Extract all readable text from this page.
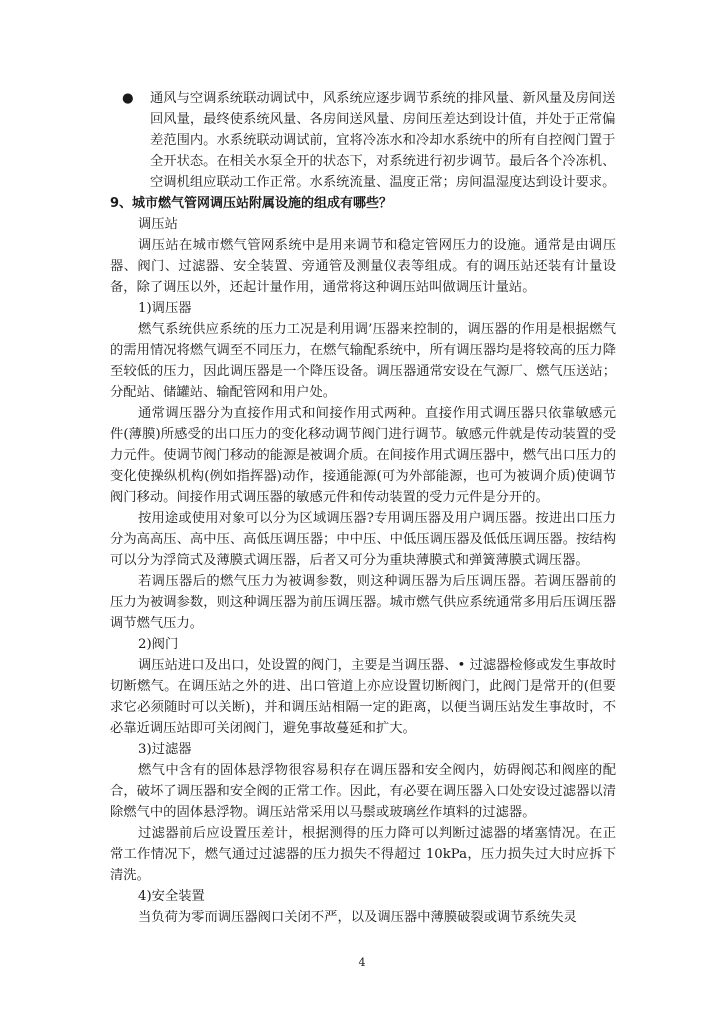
● 通风与空调系统联动调试中，风系统应逐步调节系统的排风量、新风量及房间送回风量，最终使系统风量、各房间送风量、房间压差达到设计值，并处于正常偏差范围内。水系统联动调试前，宜将冷冻水和冷却水系统中的所有自控阀门置于全开状态。在相关水泵全开的状态下，对系统进行初步调节。最后各个冷冻机、空调机组应联动工作正常。水系统流量、温度正常；房间温湿度达到设计要求。

9、城市燃气管网调压站附属设施的组成有哪些？

调压站

调压站在城市燃气管网系统中是用来调节和稳定管网压力的设施。通常是由调压器、阀门、过滤器、安全装置、旁通管及测量仪表等组成。有的调压站还装有计量设备，除了调压以外，还起计量作用，通常将这种调压站叫做调压计量站。

1)调压器

燃气系统供应系统的压力工况是利用调’压器来控制的，调压器的作用是根据燃气的需用情况将燃气调至不同压力，在燃气输配系统中，所有调压器均是将较高的压力降至较低的压力，因此调压器是一个降压设备。调压器通常安设在气源厂、燃气压送站；分配站、储罐站、输配管网和用户处。

通常调压器分为直接作用式和间接作用式两种。直接作用式调压器只依靠敏感元件(薄膜)所感受的出口压力的变化移动调节阀门进行调节。敏感元件就是传动装置的受力元件。使调节阀门移动的能源是被调介质。在间接作用式调压器中，燃气出口压力的变化使操纵机构(例如指挥器)动作，接通能源(可为外部能源，也可为被调介质)使调节阀门移动。间接作用式调压器的敏感元件和传动装置的受力元件是分开的。

按用途或使用对象可以分为区域调压器?专用调压器及用户调压器。按进出口压力分为高高压、高中压、高低压调压器；中中压、中低压调压器及低低压调压器。按结构可以分为浮筒式及薄膜式调压器，后者又可分为重块薄膜式和弹簧薄膜式调压器。

若调压器后的燃气压力为被调参数，则这种调压器为后压调压器。若调压器前的压力为被调参数，则这种调压器为前压调压器。城市燃气供应系统通常多用后压调压器调节燃气压力。

2)阀门

调压站进口及出口，处设置的阀门，主要是当调压器、• 过滤器检修或发生事故时切断燃气。在调压站之外的进、出口管道上亦应设置切断阀门，此阀门是常开的(但要求它必须随时可以关断)，并和调压站相隔一定的距离，以便当调压站发生事故时，不必靠近调压站即可关闭阀门，避免事故蔓延和扩大。

3)过滤器

燃气中含有的固体悬浮物很容易积存在调压器和安全阀内，妨碍阀芯和阀座的配合，破坏了调压器和安全阀的正常工作。因此，有必要在调压器入口处安设过滤器以清除燃气中的固体悬浮物。调压站常采用以马鬃或玻璃丝作填料的过滤器。

过滤器前后应设置压差计，根据测得的压力降可以判断过滤器的堵塞情况。在正常工作情况下，燃气通过过滤器的压力损失不得超过 10kPa，压力损失过大时应拆下清洗。

4)安全装置

当负荷为零而调压器阀口关闭不严，以及调压器中薄膜破裂或调节系统失灵

4
